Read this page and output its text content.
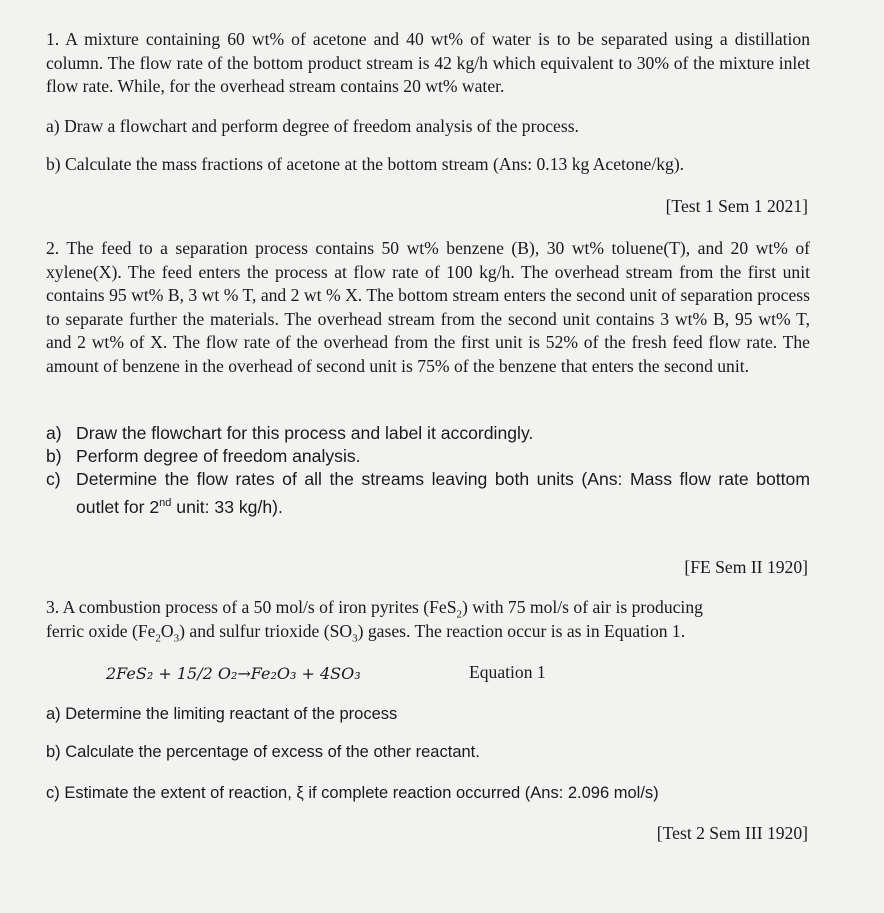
1. A mixture containing 60 wt% of acetone and 40 wt% of water is to be separated using a distillation column. The flow rate of the bottom product stream is 42 kg/h which equivalent to 30% of the mixture inlet flow rate. While, for the overhead stream contains 20 wt% water.

a) Draw a flowchart and perform degree of freedom analysis of the process.

b) Calculate the mass fractions of acetone at the bottom stream (Ans: 0.13 kg Acetone/kg).

[Test 1 Sem 1 2021]

2. The feed to a separation process contains 50 wt% benzene (B), 30 wt% toluene(T), and 20 wt% of xylene(X). The feed enters the process at flow rate of 100 kg/h. The overhead stream from the first unit contains 95 wt% B, 3 wt % T, and 2 wt % X. The bottom stream enters the second unit of separation process to separate further the materials. The overhead stream from the second unit contains 3 wt% B, 95 wt% T, and 2 wt% of X. The flow rate of the overhead from the first unit is 52% of the fresh feed flow rate. The amount of benzene in the overhead of second unit is 75% of the benzene that enters the second unit.

a) Draw the flowchart for this process and label it accordingly.
b) Perform degree of freedom analysis.
c) Determine the flow rates of all the streams leaving both units (Ans: Mass flow rate bottom outlet for 2nd unit: 33 kg/h).
[FE Sem II 1920]
3. A combustion process of a 50 mol/s of iron pyrites (FeS$_2$) with 75 mol/s of air is producing
ferric oxide $(Fe_2O_3)$ and sulfur trioxide $(SO_3)$ gases. The reaction occur is as in Equation 1.
2FeS₂ + 15/2 O₂→Fe₂O₃ + 4SO₃	Equation 1
a) Determine the limiting reactant of the process
b) Calculate the percentage of excess of the other reactant.
c) Estimate the extent of reaction, ξ if complete reaction occurred (Ans: 2.096 mol/s)
[Test 2 Sem III 1920]
